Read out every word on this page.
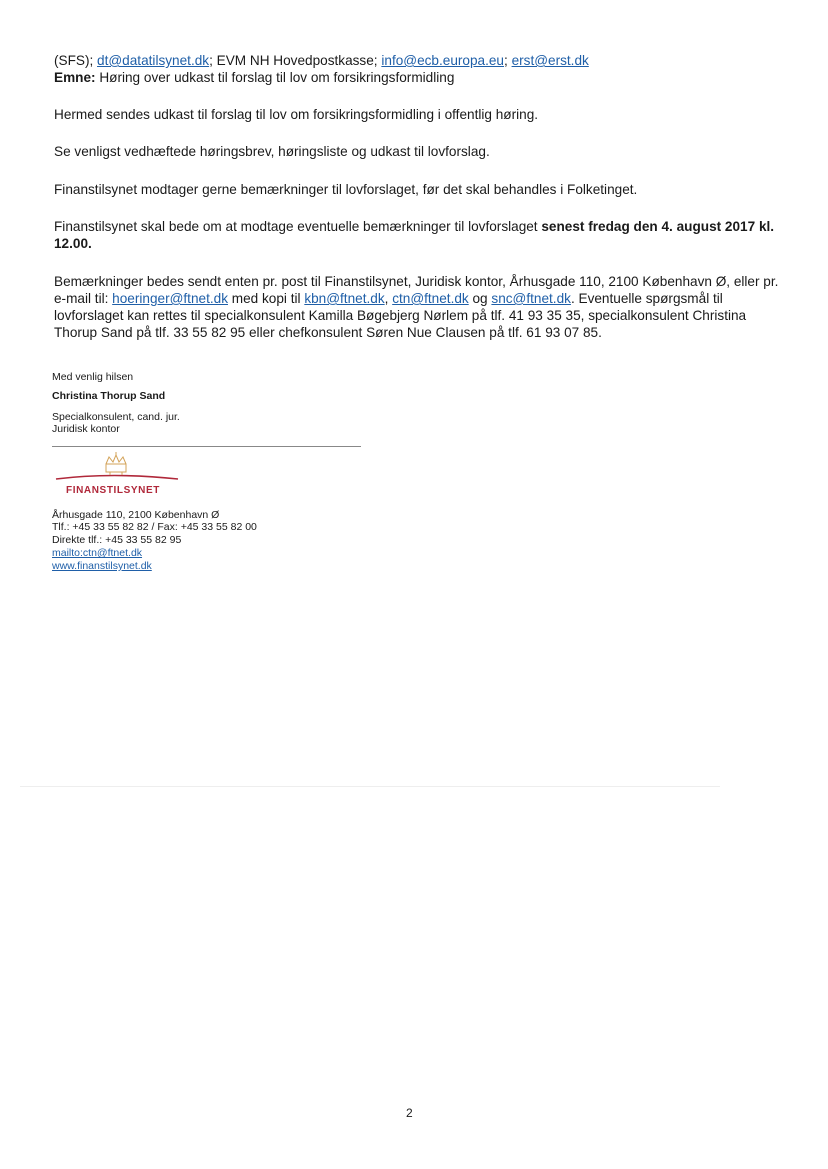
(SFS); dt@datatilsynet.dk; EVM NH Hovedpostkasse; info@ecb.europa.eu; erst@erst.dk
Emne: Høring over udkast til forslag til lov om forsikringsformidling
Hermed sendes udkast til forslag til lov om forsikringsformidling i offentlig høring.
Se venligst vedhæftede høringsbrev, høringsliste og udkast til lovforslag.
Finanstilsynet modtager gerne bemærkninger til lovforslaget, før det skal behandles i Folketinget.
Finanstilsynet skal bede om at modtage eventuelle bemærkninger til lovforslaget senest fredag den 4. august 2017 kl. 12.00.
Bemærkninger bedes sendt enten pr. post til Finanstilsynet, Juridisk kontor, Århusgade 110, 2100 København Ø, eller pr. e-mail til: hoeringer@ftnet.dk med kopi til kbn@ftnet.dk, ctn@ftnet.dk og snc@ftnet.dk. Eventuelle spørgsmål til lovforslaget kan rettes til specialkonsulent Kamilla Bøgebjerg Nørlem på tlf. 41 93 35 35, specialkonsulent Christina Thorup Sand på tlf. 33 55 82 95 eller chefkonsulent Søren Nue Clausen på tlf. 61 93 07 85.
Med venlig hilsen
Christina Thorup Sand
Specialkonsulent, cand. jur.
Juridisk kontor
FINANSTILSYNET
Århusgade 110, 2100 København Ø
Tlf.: +45 33 55 82 82 / Fax: +45 33 55 82 00
Direkte tlf.: +45 33 55 82 95
mailto:ctn@ftnet.dk
www.finanstilsynet.dk
2
